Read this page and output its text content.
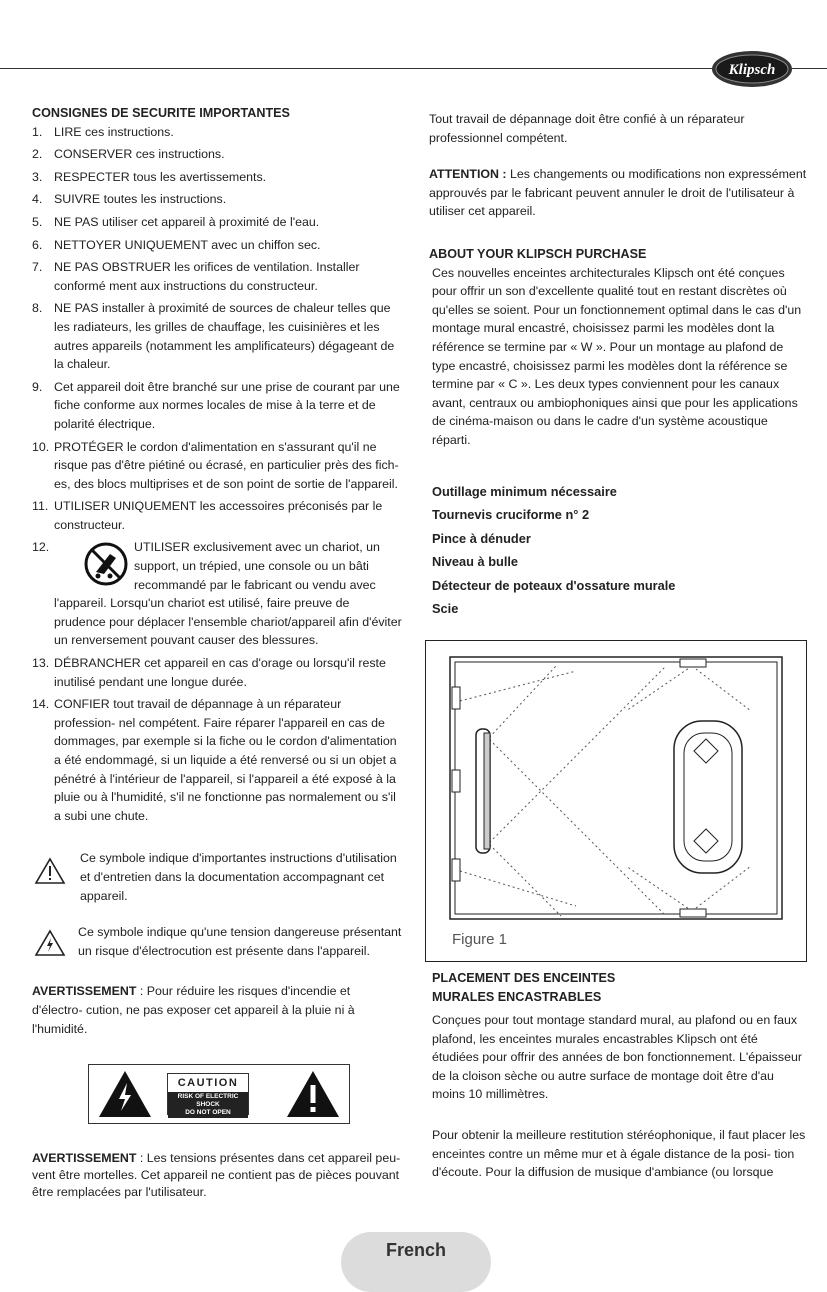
Klipsch

CONSIGNES DE SECURITE IMPORTANTES

1. LIRE ces instructions.
2. CONSERVER ces instructions.
3. RESPECTER tous les avertissements.
4. SUIVRE toutes les instructions.
5. NE PAS utiliser cet appareil à proximité de l'eau.
6. NETTOYER UNIQUEMENT avec un chiffon sec.
7. NE PAS OBSTRUER les orifices de ventilation. Installer conformé ment aux instructions du constructeur.
8. NE PAS installer à proximité de sources de chaleur telles que les radiateurs, les grilles de chauffage, les cuisinières et les autres appareils (notamment les amplificateurs) dégageant de la chaleur.
9. Cet appareil doit être branché sur une prise de courant par une fiche conforme aux normes locales de mise à la terre et de polarité électrique.
10. PROTÉGER le cordon d'alimentation en s'assurant qu'il ne risque pas d'être piétiné ou écrasé, en particulier près des fich- es, des blocs multiprises et de son point de sortie de l'appareil.
11. UTILISER UNIQUEMENT les accessoires préconisés par le constructeur.
12.	UTILISER exclusivement avec un chariot, un support, un trépied, une console ou un bâti recommandé par le fabricant ou vendu avec l'appareil. Lorsqu'un chariot est utilisé, faire preuve de prudence pour déplacer l'ensemble chariot/appareil afin d'éviter un renversement pouvant causer des blessures.
13. DÉBRANCHER cet appareil en cas d'orage ou lorsqu'il reste inutilisé pendant une longue durée.
14. CONFIER tout travail de dépannage à un réparateur profession- nel compétent. Faire réparer l'appareil en cas de dommages, par exemple si la fiche ou le cordon d'alimentation a été endommagé, si un liquide a été renversé ou si un objet a pénétré à l'intérieur de l'appareil, si l'appareil a été exposé à la pluie ou à l'humidité, s'il ne fonctionne pas normalement ou s'il a subi une chute.
Ce symbole indique d'importantes instructions d'utilisation et d'entretien dans la documentation accompagnant cet appareil.
Ce symbole indique qu'une tension dangereuse présentant un risque d'électrocution est présente dans l'appareil.

AVERTISSEMENT : Pour réduire les risques d'incendie et d'électro- cution, ne pas exposer cet appareil à la pluie ni à l'humidité.

CAUTION
RISK OF ELECTRIC SHOCK
DO NOT OPEN

AVERTISSEMENT : Les tensions présentes dans cet appareil peu- vent être mortelles. Cet appareil ne contient pas de pièces pouvant être remplacées par l'utilisateur.

Tout travail de dépannage doit être confié à un réparateur professionnel compétent.

ATTENTION : Les changements ou modifications non expressément approuvés par le fabricant peuvent annuler le droit de l'utilisateur à utiliser cet appareil.

ABOUT YOUR KLIPSCH PURCHASE

Ces nouvelles enceintes architecturales Klipsch ont été conçues pour offrir un son d'excellente qualité tout en restant discrètes où qu'elles se soient. Pour un fonctionnement optimal dans le cas d'un montage mural encastré, choisissez parmi les modèles dont la référence se termine par « W ». Pour un montage au plafond de type encastré, choisissez parmi les modèles dont la référence se termine par « C ». Les deux types conviennent pour les canaux avant, centraux ou ambiophoniques ainsi que pour les applications de cinéma-maison ou dans le cadre d'un système acoustique réparti.

Outillage minimum nécessaire
Tournevis cruciforme n° 2
Pince à dénuder
Niveau à bulle
Détecteur de poteaux d'ossature murale
Scie
Figure 1

PLACEMENT DES ENCEINTES

MURALES ENCASTRABLES

Conçues pour tout montage standard mural, au plafond ou en faux plafond, les enceintes murales encastrables Klipsch ont été étudiées pour offrir des années de bon fonctionnement. L'épaisseur de la cloison sèche ou autre surface de montage doit être d'au moins 10 millimètres.

Pour obtenir la meilleure restitution stéréophonique, il faut placer les enceintes contre un même mur et à égale distance de la posi- tion d'écoute. Pour la diffusion de musique d'ambiance (ou lorsque

French
